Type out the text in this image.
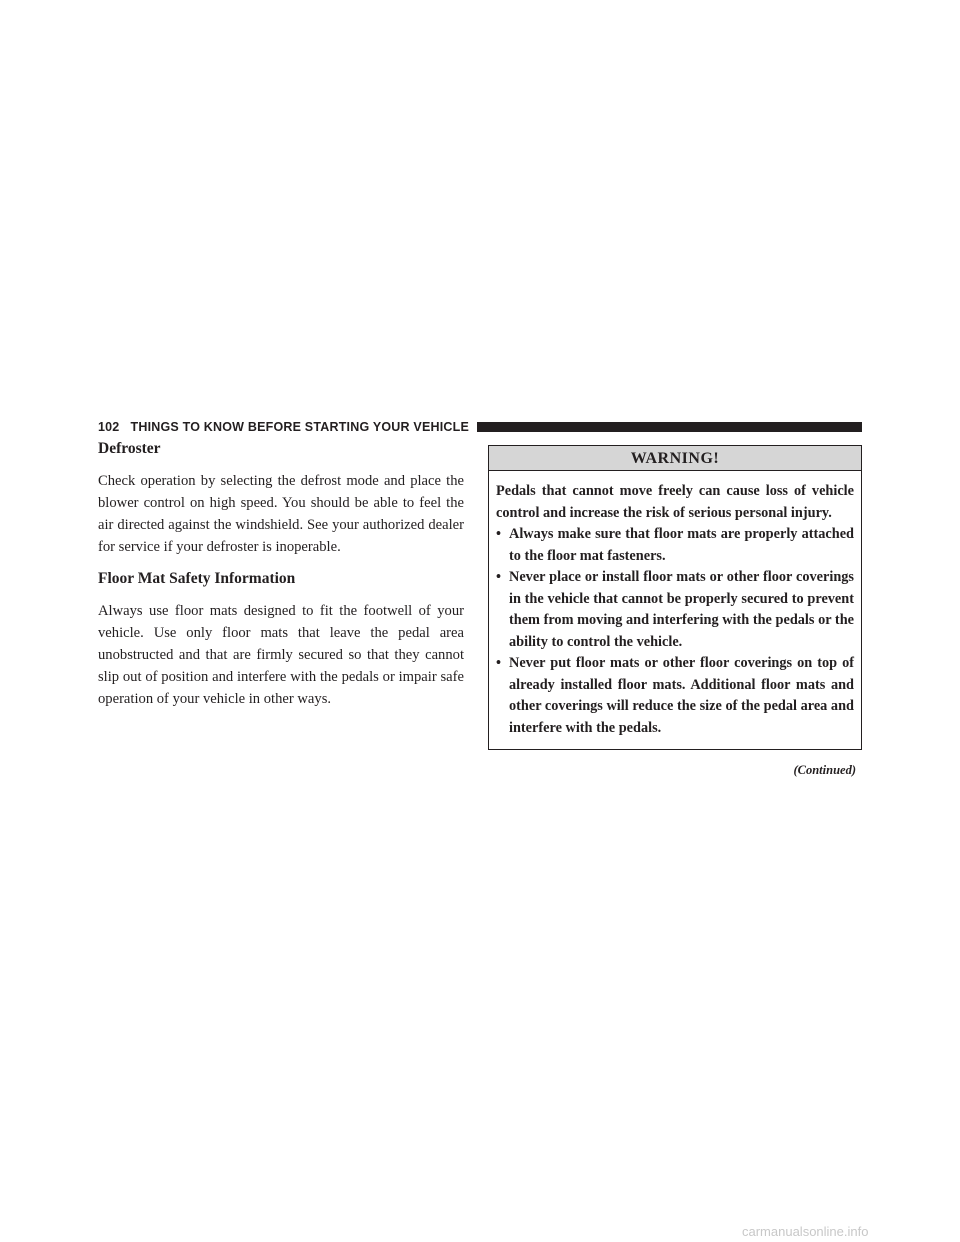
102 THINGS TO KNOW BEFORE STARTING YOUR VEHICLE
Defroster

Check operation by selecting the defrost mode and place the blower control on high speed. You should be able to feel the air directed against the windshield. See your authorized dealer for service if your defroster is inoperable.

Floor Mat Safety Information

Always use floor mats designed to fit the footwell of your vehicle. Use only floor mats that leave the pedal area unobstructed and that are firmly secured so that they cannot slip out of position and interfere with the pedals or impair safe operation of your vehicle in other ways.

WARNING!

Pedals that cannot move freely can cause loss of vehicle control and increase the risk of serious personal injury.

• Always make sure that floor mats are properly attached to the floor mat fasteners.
• Never place or install floor mats or other floor coverings in the vehicle that cannot be properly secured to prevent them from moving and interfering with the pedals or the ability to control the vehicle.
• Never put floor mats or other floor coverings on top of already installed floor mats. Additional floor mats and other coverings will reduce the size of the pedal area and interfere with the pedals.
(Continued)
carmanualsonline.info
